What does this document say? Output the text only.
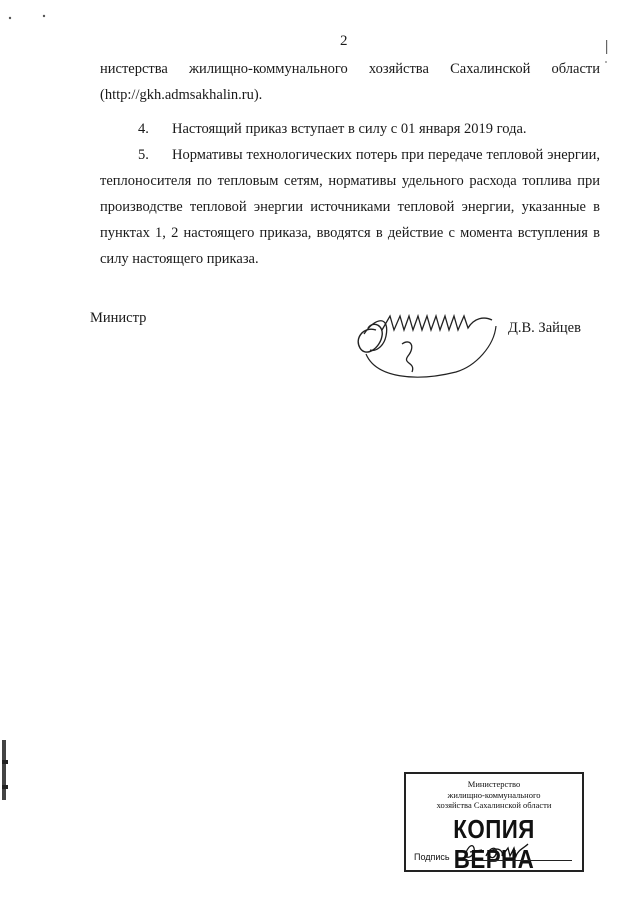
2

нистерства жилищно-коммунального хозяйства Сахалинской области
(http://gkh.admsakhalin.ru).

4. Настоящий приказ вступает в силу с 01 января 2019 года.

5. Нормативы технологических потерь при передаче тепловой энергии, теплоносителя по тепловым сетям, нормативы удельного расхода топлива при производстве тепловой энергии источниками тепловой энергии, указанные в пунктах 1, 2 настоящего приказа, вводятся в действие с момента вступления в силу настоящего приказа.

Министр
Д.В. Зайцев
Министерство
жилищно-коммунального
хозяйства Сахалинской области
КОПИЯ ВЕРНА
Подпись
